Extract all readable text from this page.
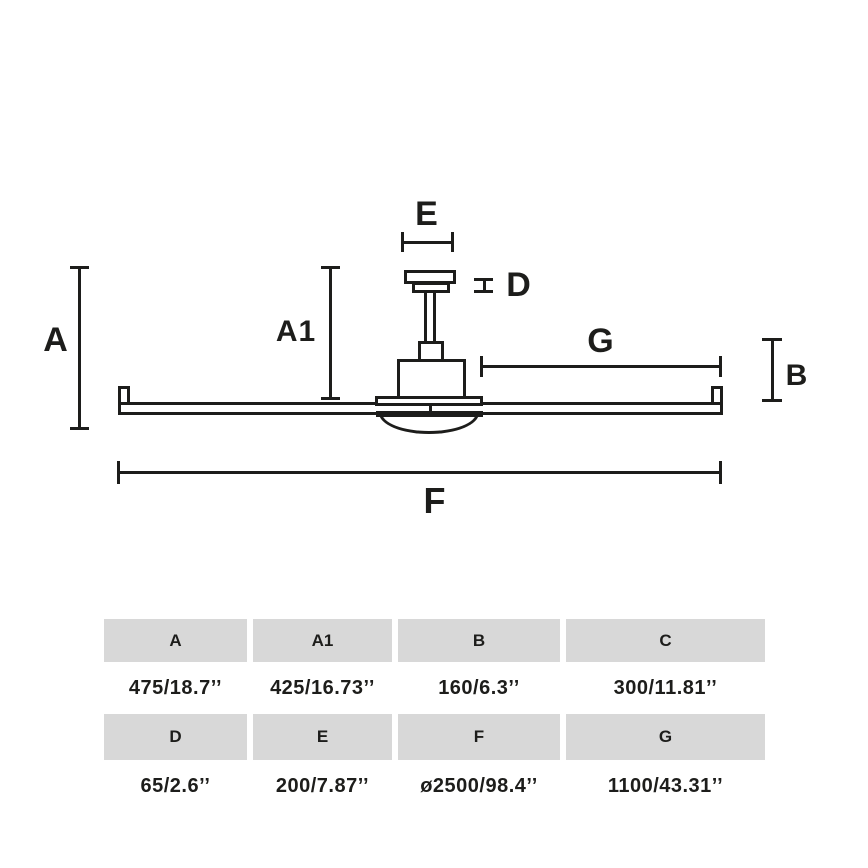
A	A1
E
D
G
B
F
A	A1	B	C
475/18.7’’	425/16.73’’	160/6.3’’	300/11.81’’
D	E	F	G
65/2.6’’	200/7.87’’	ø2500/98.4’’	1100/43.31’’
